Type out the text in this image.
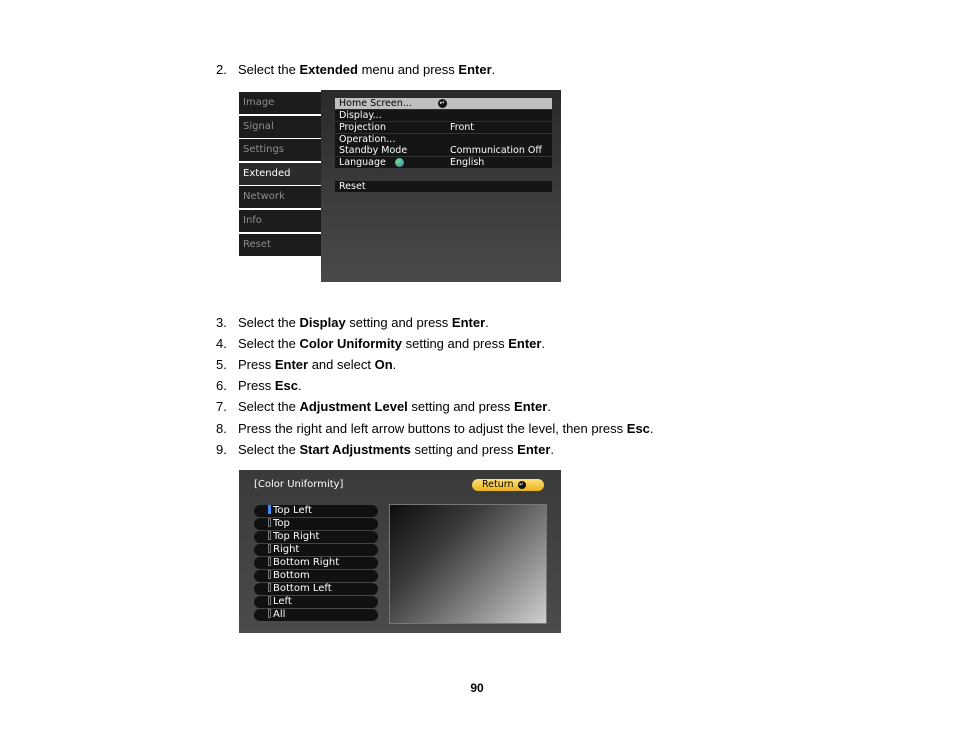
2. Select the Extended menu and press Enter.
Image
Signal
Settings
Extended
Network
Info
Reset
Home Screen...	↵
Display...
Projection	Front
Operation...
Standby Mode	Communication Off
Language	English
Reset
3. Select the Display setting and press Enter.
4. Select the Color Uniformity setting and press Enter.
5. Press Enter and select On.
6. Press Esc.
7. Select the Adjustment Level setting and press Enter.
8. Press the right and left arrow buttons to adjust the level, then press Esc.
9. Select the Start Adjustments setting and press Enter.
[Color Uniformity]	Return ↵
Top Left
Top
Top Right
Right
Bottom Right
Bottom
Bottom Left
Left
All
90
